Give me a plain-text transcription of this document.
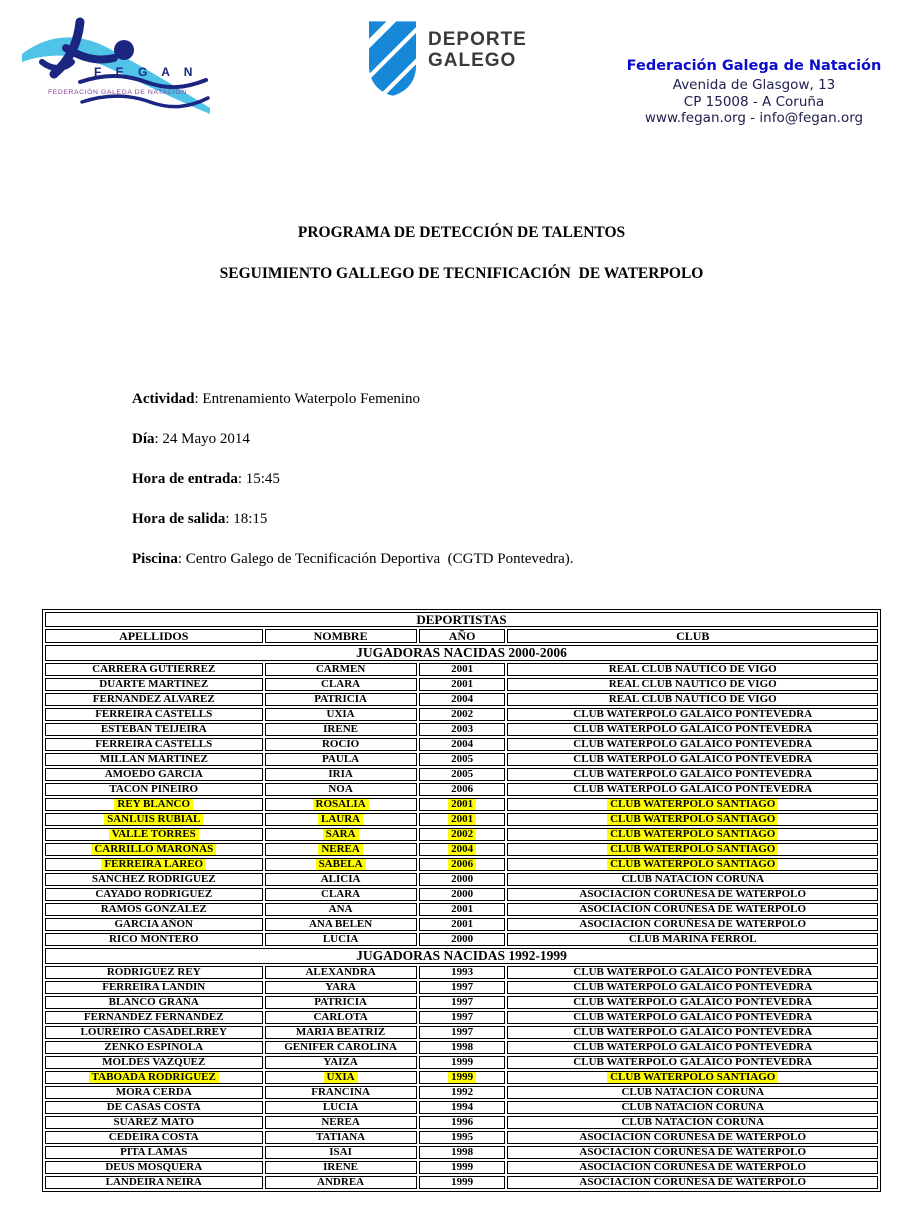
F E G A N
FEDERACIÓN GALEGA DE NATACIÓN
DEPORTE
GALEGO	Federación Galega de Natación
Avenida de Glasgow, 13
CP 15008 - A Coruña
www.fegan.org - info@fegan.org
PROGRAMA DE DETECCIÓN DE TALENTOS
SEGUIMIENTO GALLEGO DE TECNIFICACIÓN  DE WATERPOLO
Actividad: Entrenamiento Waterpolo Femenino
Día: 24 Mayo 2014
Hora de entrada: 15:45
Hora de salida: 18:15
Piscina: Centro Galego de Tecnificación Deportiva  (CGTD Pontevedra).
DEPORTISTAS			
APELLIDOS	NOMBRE	AÑO	CLUB
JUGADORAS NACIDAS 2000-2006			
CARRERA GUTIERREZ	CARMEN	2001	REAL CLUB NAUTICO DE VIGO
DUARTE MARTINEZ	CLARA	2001	REAL CLUB NAUTICO DE VIGO
FERNANDEZ ALVAREZ	PATRICIA	2004	REAL CLUB NAUTICO DE VIGO
FERREIRA CASTELLS	UXIA	2002	CLUB WATERPOLO GALAICO PONTEVEDRA
ESTEBAN TEIJEIRA	IRENE	2003	CLUB WATERPOLO GALAICO PONTEVEDRA
FERREIRA CASTELLS	ROCIO	2004	CLUB WATERPOLO GALAICO PONTEVEDRA
MILLAN MARTINEZ	PAULA	2005	CLUB WATERPOLO GALAICO PONTEVEDRA
AMOEDO GARCIA	IRIA	2005	CLUB WATERPOLO GALAICO PONTEVEDRA
TACON PIÑEIRO	NOA	2006	CLUB WATERPOLO GALAICO PONTEVEDRA
REY BLANCO	ROSALIA	2001	CLUB WATERPOLO SANTIAGO
SANLUIS RUBIAL	LAURA	2001	CLUB WATERPOLO SANTIAGO
VALLE TORRES	SARA	2002	CLUB WATERPOLO SANTIAGO
CARRILLO MAROÑAS	NEREA	2004	CLUB WATERPOLO SANTIAGO
FERREIRA LAREO	SABELA	2006	CLUB WATERPOLO SANTIAGO
SANCHEZ RODRIGUEZ	ALICIA	2000	CLUB NATACION CORUÑA
CAYADO RODRIGUEZ	CLARA	2000	ASOCIACION CORUÑESA DE WATERPOLO
RAMOS GONZALEZ	ANA	2001	ASOCIACION CORUÑESA DE WATERPOLO
GARCIA AÑON	ANA BELEN	2001	ASOCIACION CORUÑESA DE WATERPOLO
RICO MONTERO	LUCIA	2000	CLUB MARINA FERROL
JUGADORAS NACIDAS 1992-1999			
RODRIGUEZ REY	ALEXANDRA	1993	CLUB WATERPOLO GALAICO PONTEVEDRA
FERREIRA LANDIN	YARA	1997	CLUB WATERPOLO GALAICO PONTEVEDRA
BLANCO GRAÑA	PATRICIA	1997	CLUB WATERPOLO GALAICO PONTEVEDRA
FERNANDEZ FERNANDEZ	CARLOTA	1997	CLUB WATERPOLO GALAICO PONTEVEDRA
LOUREIRO CASADELRREY	MARIA BEATRIZ	1997	CLUB WATERPOLO GALAICO PONTEVEDRA
ZENKO ESPINOLA	GENIFER CAROLINA	1998	CLUB WATERPOLO GALAICO PONTEVEDRA
MOLDES VAZQUEZ	YAIZA	1999	CLUB WATERPOLO GALAICO PONTEVEDRA
TABOADA RODRIGUEZ	UXIA	1999	CLUB WATERPOLO SANTIAGO
MORA CERDA	FRANCINA	1992	CLUB NATACION CORUÑA
DE CASAS COSTA	LUCIA	1994	CLUB NATACION CORUÑA
SUAREZ MATO	NEREA	1996	CLUB NATACION CORUÑA
CEDEIRA COSTA	TATIANA	1995	ASOCIACION CORUÑESA DE WATERPOLO
PITA LAMAS	ISAI	1998	ASOCIACION CORUÑESA DE WATERPOLO
DEUS MOSQUERA	IRENE	1999	ASOCIACION CORUÑESA DE WATERPOLO
LANDEIRA NEIRA	ANDREA	1999	ASOCIACION CORUÑESA DE WATERPOLO
